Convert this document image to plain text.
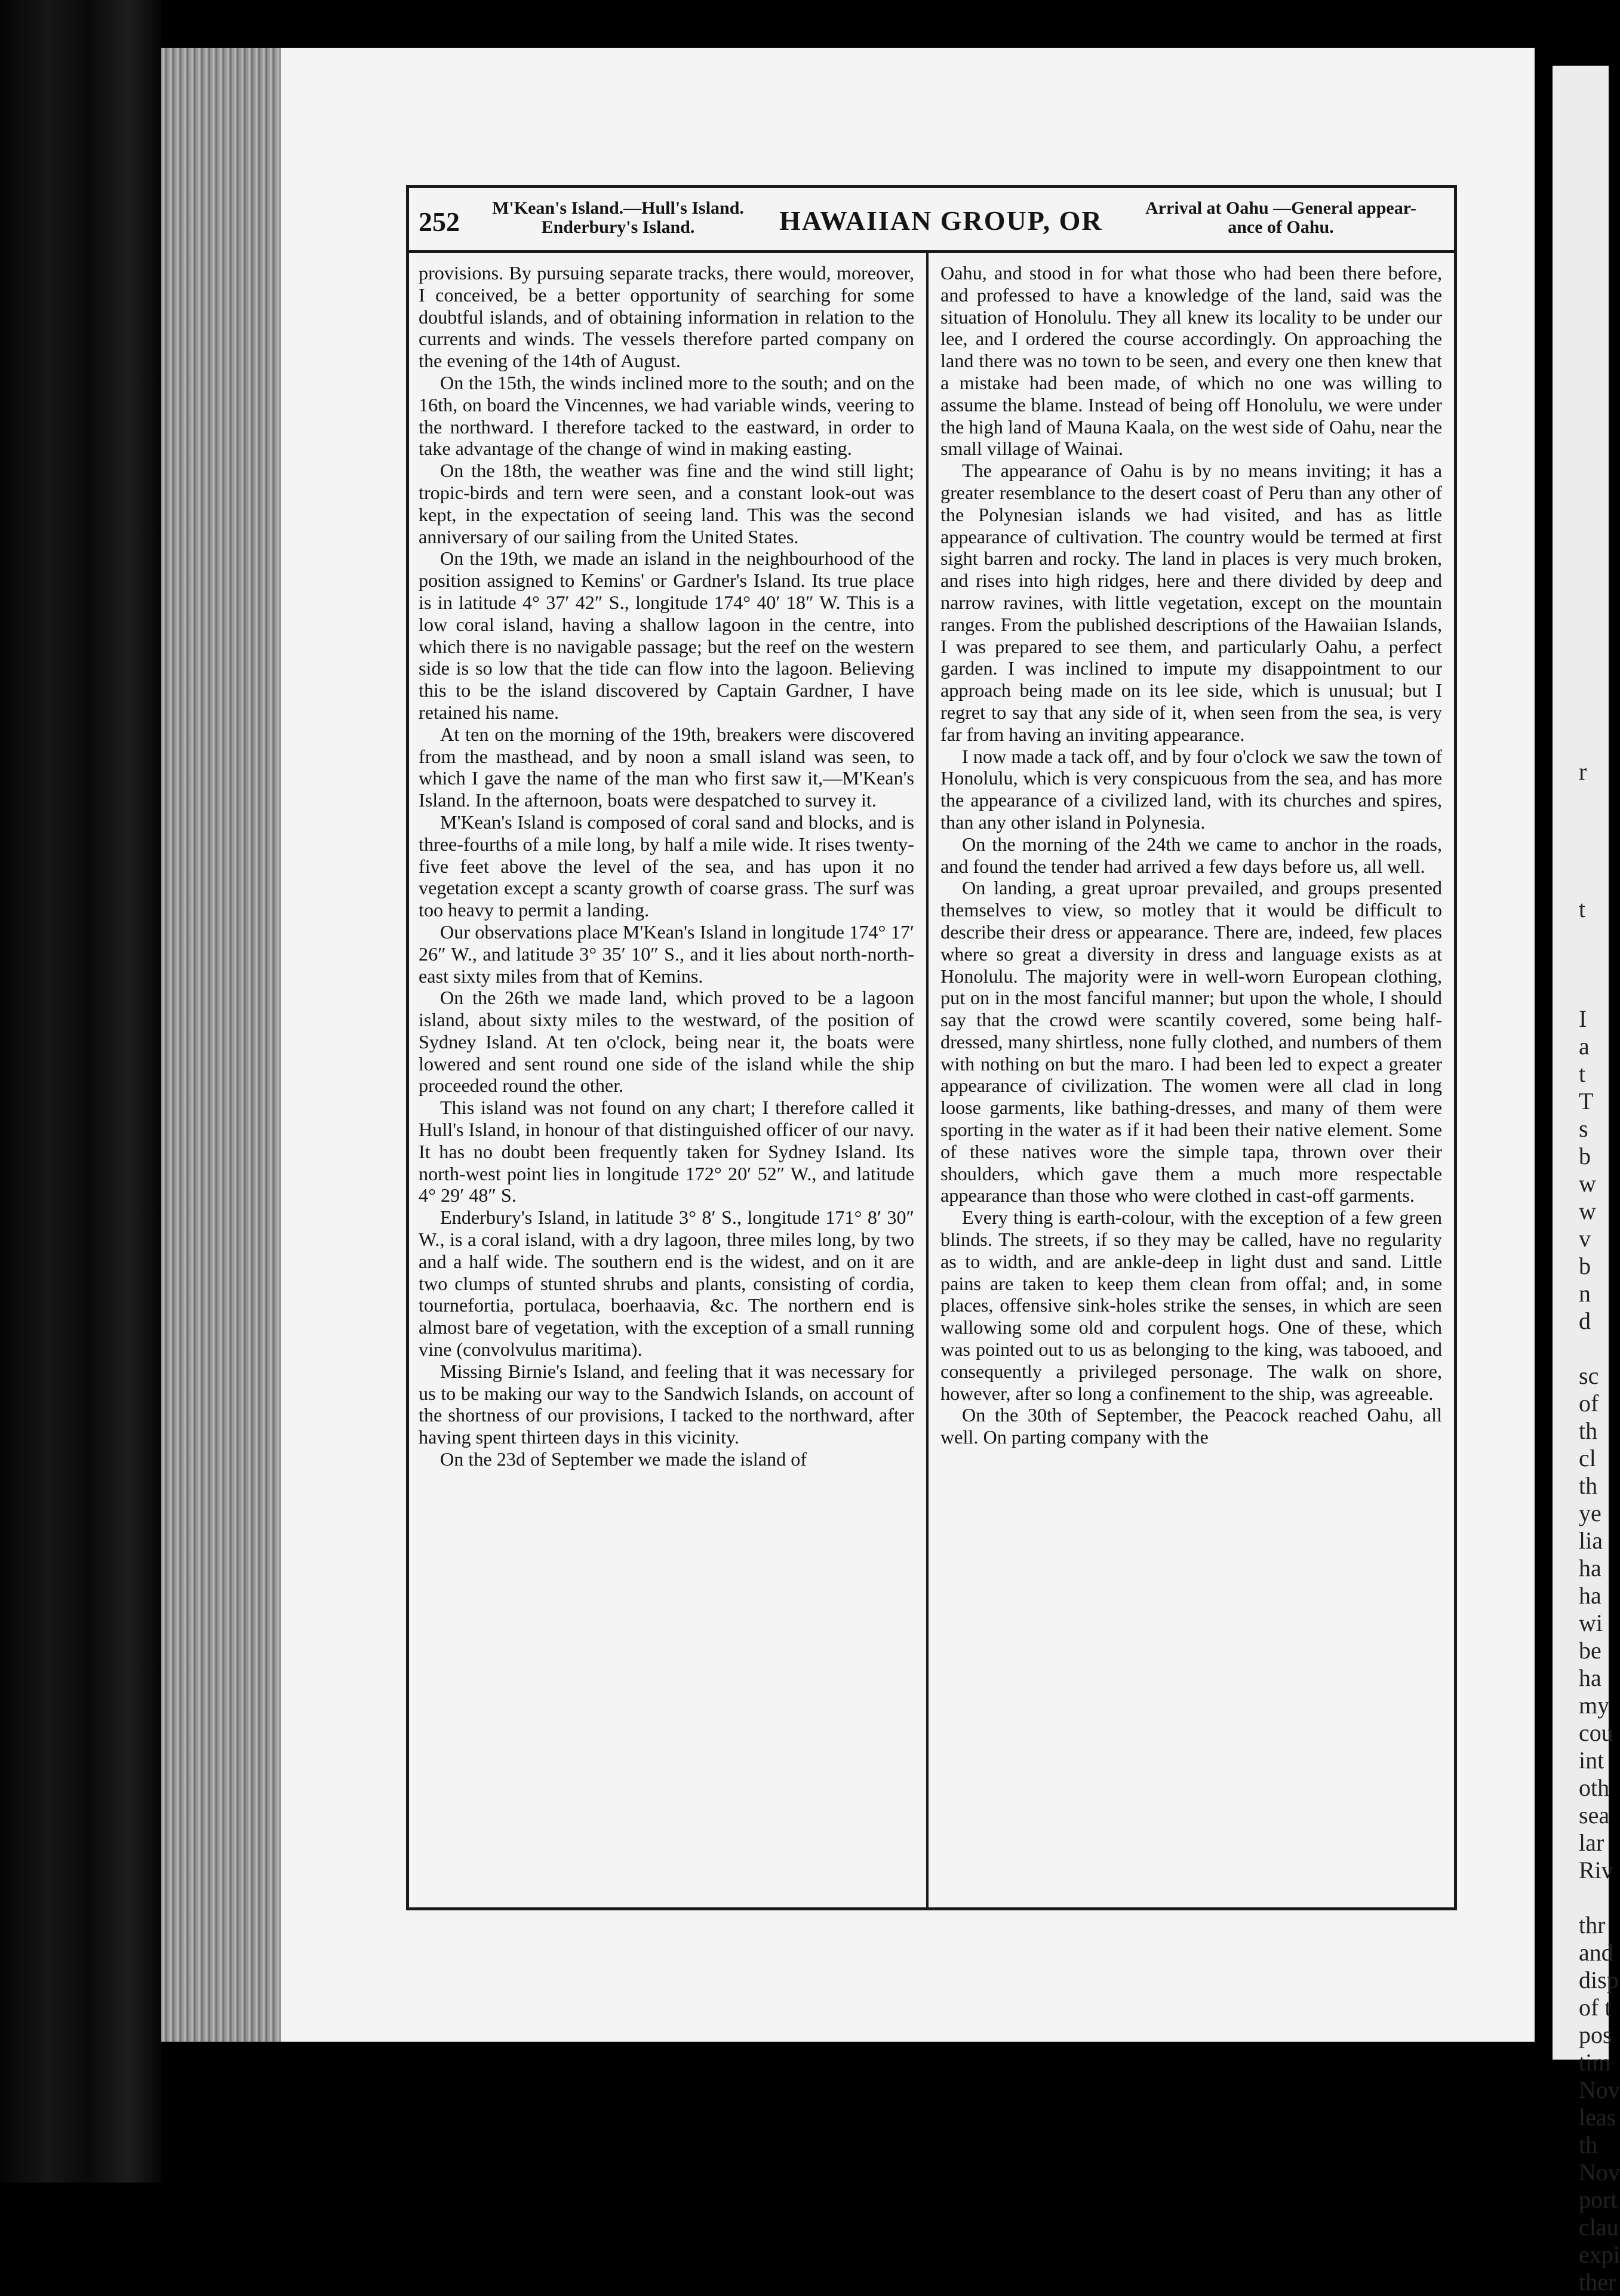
252	M'Kean's Island.—Hull's Island.
Enderbury's Island.	HAWAIIAN GROUP, OR	Arrival at Oahu —General appear-
ance of Oahu.

provisions. By pursuing separate tracks, there would, moreover, I conceived, be a better opportunity of searching for some doubtful islands, and of obtaining information in relation to the currents and winds. The vessels therefore parted company on the evening of the 14th of August.

On the 15th, the winds inclined more to the south; and on the 16th, on board the Vincennes, we had variable winds, veering to the northward. I therefore tacked to the eastward, in order to take advantage of the change of wind in making easting.

On the 18th, the weather was fine and the wind still light; tropic-birds and tern were seen, and a constant look-out was kept, in the expectation of seeing land. This was the second anniversary of our sailing from the United States.

On the 19th, we made an island in the neighbourhood of the position assigned to Kemins' or Gardner's Island. Its true place is in latitude 4° 37′ 42″ S., longitude 174° 40′ 18″ W. This is a low coral island, having a shallow lagoon in the centre, into which there is no navigable passage; but the reef on the western side is so low that the tide can flow into the lagoon. Believing this to be the island discovered by Captain Gardner, I have retained his name.

At ten on the morning of the 19th, breakers were discovered from the masthead, and by noon a small island was seen, to which I gave the name of the man who first saw it,—M'Kean's Island. In the afternoon, boats were despatched to survey it.

M'Kean's Island is composed of coral sand and blocks, and is three-fourths of a mile long, by half a mile wide. It rises twenty-five feet above the level of the sea, and has upon it no vegetation except a scanty growth of coarse grass. The surf was too heavy to permit a landing.

Our observations place M'Kean's Island in longitude 174° 17′ 26″ W., and latitude 3° 35′ 10″ S., and it lies about north-north-east sixty miles from that of Kemins.

On the 26th we made land, which proved to be a lagoon island, about sixty miles to the westward, of the position of Sydney Island. At ten o'clock, being near it, the boats were lowered and sent round one side of the island while the ship proceeded round the other.

This island was not found on any chart; I therefore called it Hull's Island, in honour of that distinguished officer of our navy. It has no doubt been frequently taken for Sydney Island. Its north-west point lies in longitude 172° 20′ 52″ W., and latitude 4° 29′ 48″ S.

Enderbury's Island, in latitude 3° 8′ S., longitude 171° 8′ 30″ W., is a coral island, with a dry lagoon, three miles long, by two and a half wide. The southern end is the widest, and on it are two clumps of stunted shrubs and plants, consisting of cordia, tournefortia, portulaca, boerhaavia, &c. The northern end is almost bare of vegetation, with the exception of a small running vine (convolvulus maritima).

Missing Birnie's Island, and feeling that it was necessary for us to be making our way to the Sandwich Islands, on account of the shortness of our provisions, I tacked to the northward, after having spent thirteen days in this vicinity.

On the 23d of September we made the island of

Oahu, and stood in for what those who had been there before, and professed to have a knowledge of the land, said was the situation of Honolulu. They all knew its locality to be under our lee, and I ordered the course accordingly. On approaching the land there was no town to be seen, and every one then knew that a mistake had been made, of which no one was willing to assume the blame. Instead of being off Honolulu, we were under the high land of Mauna Kaala, on the west side of Oahu, near the small village of Wainai.

The appearance of Oahu is by no means inviting; it has a greater resemblance to the desert coast of Peru than any other of the Polynesian islands we had visited, and has as little appearance of cultivation. The country would be termed at first sight barren and rocky. The land in places is very much broken, and rises into high ridges, here and there divided by deep and narrow ravines, with little vegetation, except on the mountain ranges. From the published descriptions of the Hawaiian Islands, I was prepared to see them, and particularly Oahu, a perfect garden. I was inclined to impute my disappointment to our approach being made on its lee side, which is unusual; but I regret to say that any side of it, when seen from the sea, is very far from having an inviting appearance.

I now made a tack off, and by four o'clock we saw the town of Honolulu, which is very conspicuous from the sea, and has more the appearance of a civilized land, with its churches and spires, than any other island in Polynesia.

On the morning of the 24th we came to anchor in the roads, and found the tender had arrived a few days before us, all well.

On landing, a great uproar prevailed, and groups presented themselves to view, so motley that it would be difficult to describe their dress or appearance. There are, indeed, few places where so great a diversity in dress and language exists as at Honolulu. The majority were in well-worn European clothing, put on in the most fanciful manner; but upon the whole, I should say that the crowd were scantily covered, some being half-dressed, many shirtless, none fully clothed, and numbers of them with nothing on but the maro. I had been led to expect a greater appearance of civilization. The women were all clad in long loose garments, like bathing-dresses, and many of them were sporting in the water as if it had been their native element. Some of these natives wore the simple tapa, thrown over their shoulders, which gave them a much more respectable appearance than those who were clothed in cast-off garments.

Every thing is earth-colour, with the exception of a few green blinds. The streets, if so they may be called, have no regularity as to width, and are ankle-deep in light dust and sand. Little pains are taken to keep them clean from offal; and, in some places, offensive sink-holes strike the senses, in which are seen wallowing some old and corpulent hogs. One of these, which was pointed out to us as belonging to the king, was tabooed, and consequently a privileged personage. The walk on shore, however, after so long a confinement to the ship, was agreeable.

On the 30th of September, the Peacock reached Oahu, all well. On parting company with the

r

t

I
a
t
T
s
b
w
w
v
b
n
d

sc
of
th
cl
th
ye
lia
ha
ha
wi
be
ha
my
cou
int
oth
sea
lar
Riv

thr
and
disp
of t
pos
tim
Nov
leas
th
Nov
port
clau
expi
ther
